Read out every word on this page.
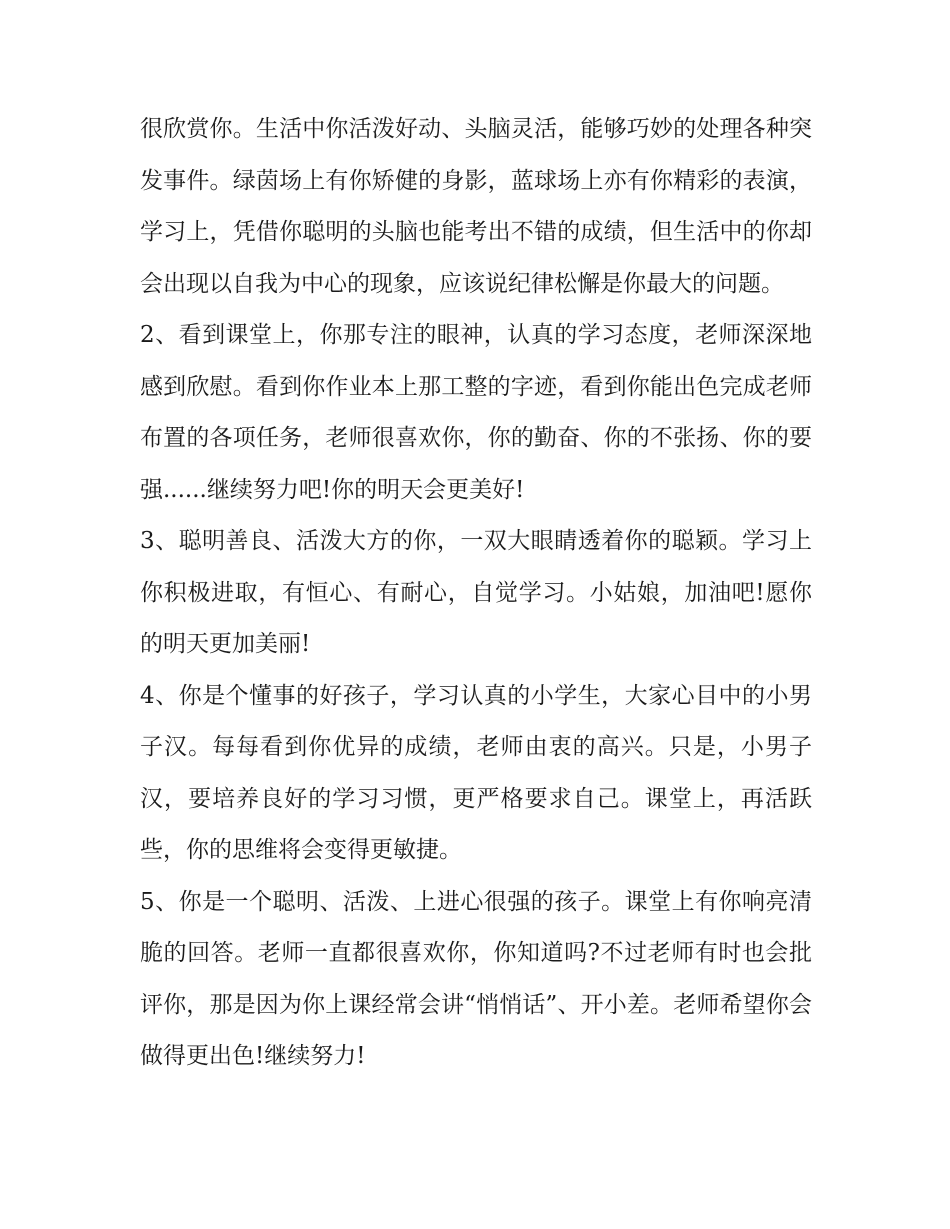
很欣赏你。生活中你活泼好动、头脑灵活，能够巧妙的处理各种突发事件。绿茵场上有你矫健的身影，蓝球场上亦有你精彩的表演，学习上，凭借你聪明的头脑也能考出不错的成绩，但生活中的你却会出现以自我为中心的现象，应该说纪律松懈是你最大的问题。

2、看到课堂上，你那专注的眼神，认真的学习态度，老师深深地感到欣慰。看到你作业本上那工整的字迹，看到你能出色完成老师布置的各项任务，老师很喜欢你，你的勤奋、你的不张扬、你的要强......继续努力吧!你的明天会更美好!

3、聪明善良、活泼大方的你，一双大眼睛透着你的聪颖。学习上你积极进取，有恒心、有耐心，自觉学习。小姑娘，加油吧!愿你的明天更加美丽!

4、你是个懂事的好孩子，学习认真的小学生，大家心目中的小男子汉。每每看到你优异的成绩，老师由衷的高兴。只是，小男子汉，要培养良好的学习习惯，更严格要求自己。课堂上，再活跃些，你的思维将会变得更敏捷。

5、你是一个聪明、活泼、上进心很强的孩子。课堂上有你响亮清脆的回答。老师一直都很喜欢你，你知道吗?不过老师有时也会批评你，那是因为你上课经常会讲“悄悄话”、开小差。老师希望你会做得更出色!继续努力!
